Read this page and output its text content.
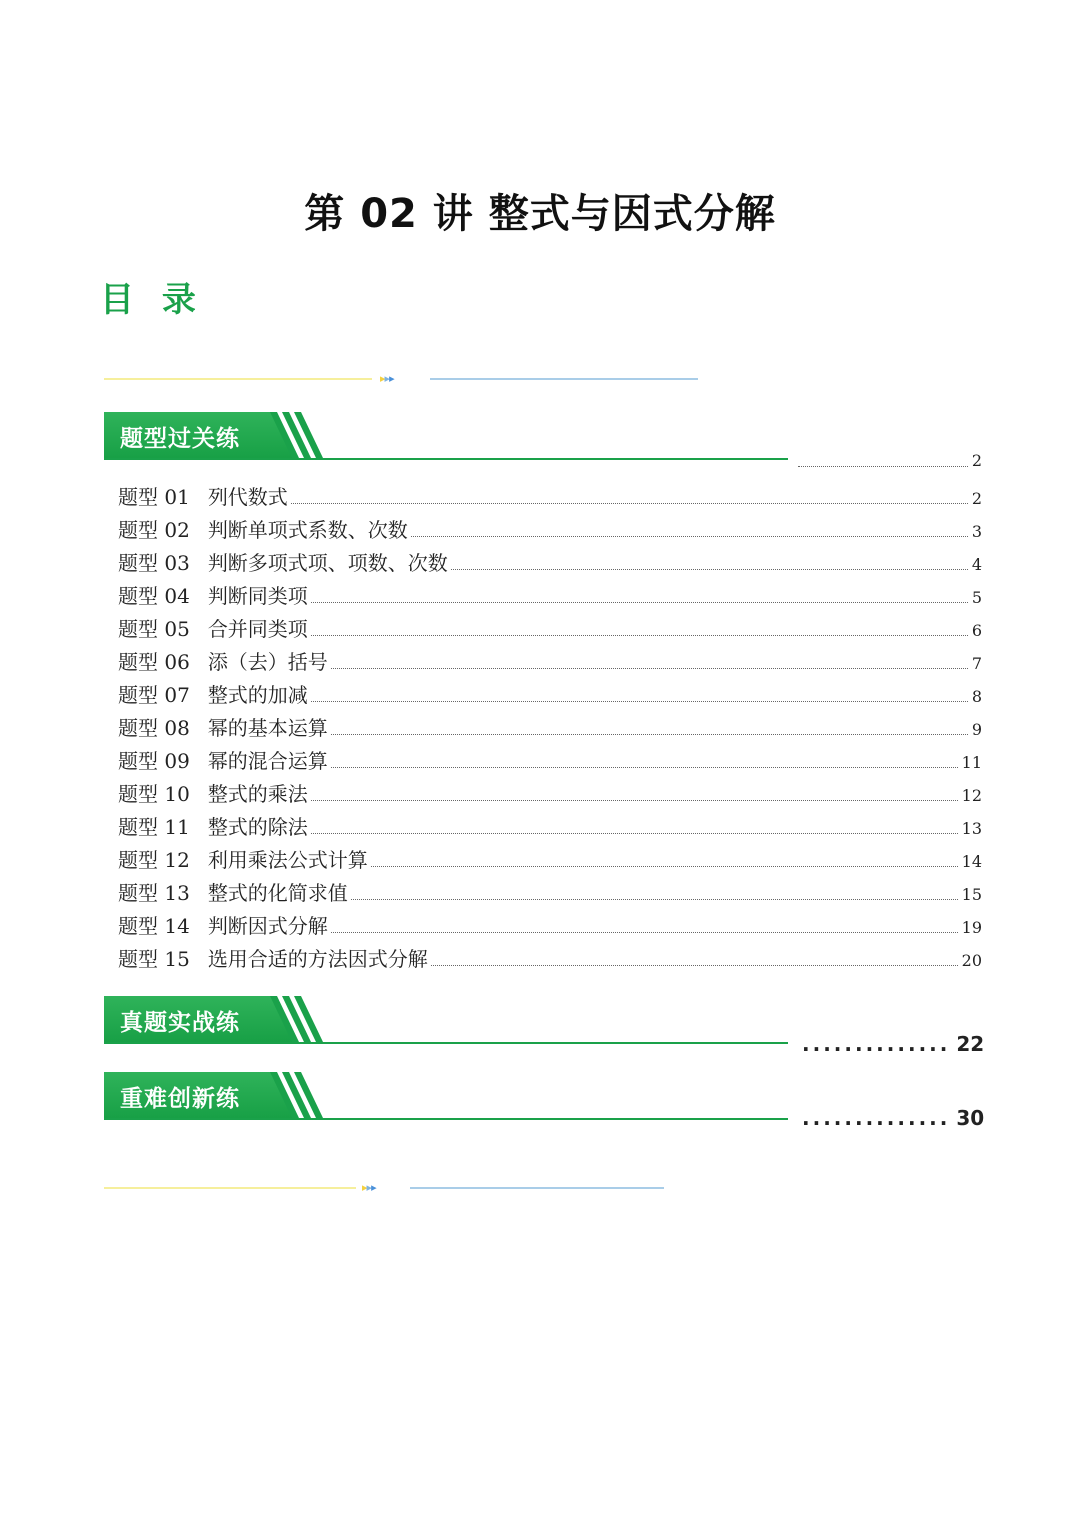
第 02 讲 整式与因式分解
目 录
▸▸▸
题型过关练
2
题型 01 列代数式	2
题型 02 判断单项式系数、次数	3
题型 03 判断多项式项、项数、次数	4
题型 04 判断同类项	5
题型 05 合并同类项	6
题型 06 添（去）括号	7
题型 07 整式的加减	8
题型 08 幂的基本运算	9
题型 09 幂的混合运算	11
题型 10 整式的乘法	12
题型 11 整式的除法	13
题型 12 利用乘法公式计算	14
题型 13 整式的化简求值	15
题型 14 判断因式分解	19
题型 15 选用合适的方法因式分解	20
真题实战练
.............. 22
重难创新练
.............. 30
▸▸▸
